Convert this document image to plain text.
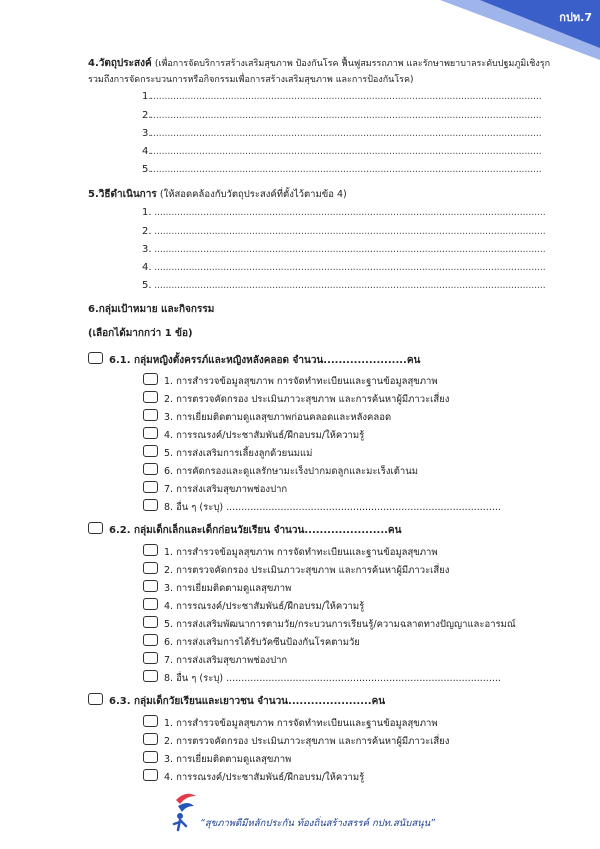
กปท.7
4.วัตถุประสงค์ (เพื่อการจัดบริการสร้างเสริมสุขภาพ ป้องกันโรค ฟื้นฟูสมรรถภาพ และรักษาพยาบาลระดับปฐมภูมิเชิงรุก
รวมถึงการจัดกระบวนการหรือกิจกรรมเพื่อการสร้างเสริมสุขภาพ และการป้องกันโรค)
1.
........................................................................................................................................
2.
........................................................................................................................................
3.
........................................................................................................................................
4.
........................................................................................................................................
5.
........................................................................................................................................
5.วิธีดำเนินการ (ให้สอดคล้องกับวัตถุประสงค์ที่ตั้งไว้ตามข้อ 4)
1. ........................................................................................................................................
2. ........................................................................................................................................
3. ........................................................................................................................................
4. ........................................................................................................................................
5. ........................................................................................................................................
6.กลุ่มเป้าหมาย และกิจกรรม
(เลือกได้มากกว่า 1 ข้อ)
6.1. กลุ่มหญิงตั้งครรภ์และหญิงหลังคลอด จำนวน......................คน
1. การสำรวจข้อมูลสุขภาพ การจัดทำทะเบียนและฐานข้อมูลสุขภาพ
2. การตรวจคัดกรอง ประเมินภาวะสุขภาพ และการค้นหาผู้มีภาวะเสี่ยง
3. การเยี่ยมติดตามดูแลสุขภาพก่อนคลอดและหลังคลอด
4. การรณรงค์/ประชาสัมพันธ์/ฝึกอบรม/ให้ความรู้
5. การส่งเสริมการเลี้ยงลูกด้วยนมแม่
6. การคัดกรองและดูแลรักษามะเร็งปากมดลูกและมะเร็งเต้านม
7. การส่งเสริมสุขภาพช่องปาก
8. อื่น ๆ (ระบุ) ...........................................................................................
6.2. กลุ่มเด็กเล็กและเด็กก่อนวัยเรียน จำนวน......................คน
1. การสำรวจข้อมูลสุขภาพ การจัดทำทะเบียนและฐานข้อมูลสุขภาพ
2. การตรวจคัดกรอง ประเมินภาวะสุขภาพ และการค้นหาผู้มีภาวะเสี่ยง
3. การเยี่ยมติดตามดูแลสุขภาพ
4. การรณรงค์/ประชาสัมพันธ์/ฝึกอบรม/ให้ความรู้
5. การส่งเสริมพัฒนาการตามวัย/กระบวนการเรียนรู้/ความฉลาดทางปัญญาและอารมณ์
6. การส่งเสริมการได้รับวัคซีนป้องกันโรคตามวัย
7. การส่งเสริมสุขภาพช่องปาก
8. อื่น ๆ (ระบุ) ...........................................................................................
6.3. กลุ่มเด็กวัยเรียนและเยาวชน จำนวน......................คน
1. การสำรวจข้อมูลสุขภาพ การจัดทำทะเบียนและฐานข้อมูลสุขภาพ
2. การตรวจคัดกรอง ประเมินภาวะสุขภาพ และการค้นหาผู้มีภาวะเสี่ยง
3. การเยี่ยมติดตามดูแลสุขภาพ
4. การรณรงค์/ประชาสัมพันธ์/ฝึกอบรม/ให้ความรู้
“สุขภาพดีมีหลักประกัน ท้องถิ่นสร้างสรรค์ กปท.สนับสนุน”
